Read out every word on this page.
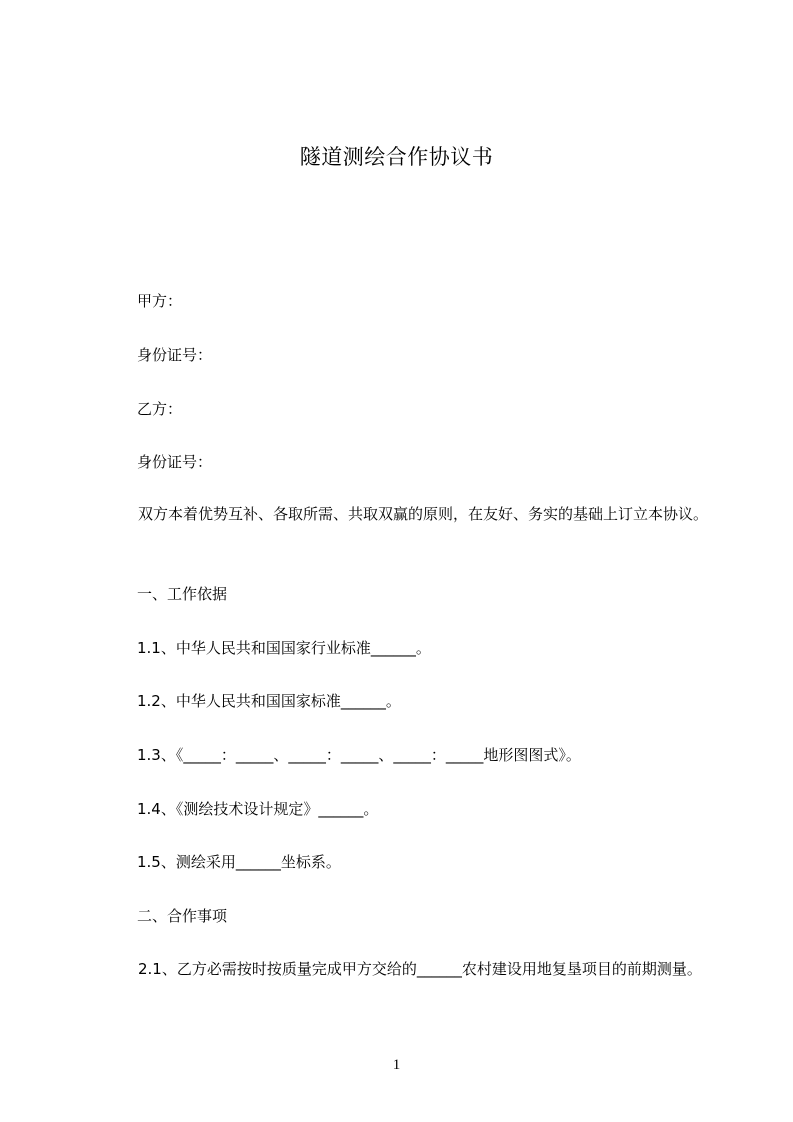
隧道测绘合作协议书
甲方：
身份证号：
乙方：
身份证号：

双方本着优势互补、各取所需、共取双赢的原则，在友好、务实的基础上订立本协议。

一、工作依据
1.1、中华人民共和国国家行业标准______。
1.2、中华人民共和国国家标准______。
1.3、《_____：_____、_____：_____、_____：_____地形图图式》。
1.4、《测绘技术设计规定》______。
1.5、测绘采用______坐标系。
二、合作事项

2.1、乙方必需按时按质量完成甲方交给的______农村建设用地复垦项目的前期测量。

1
